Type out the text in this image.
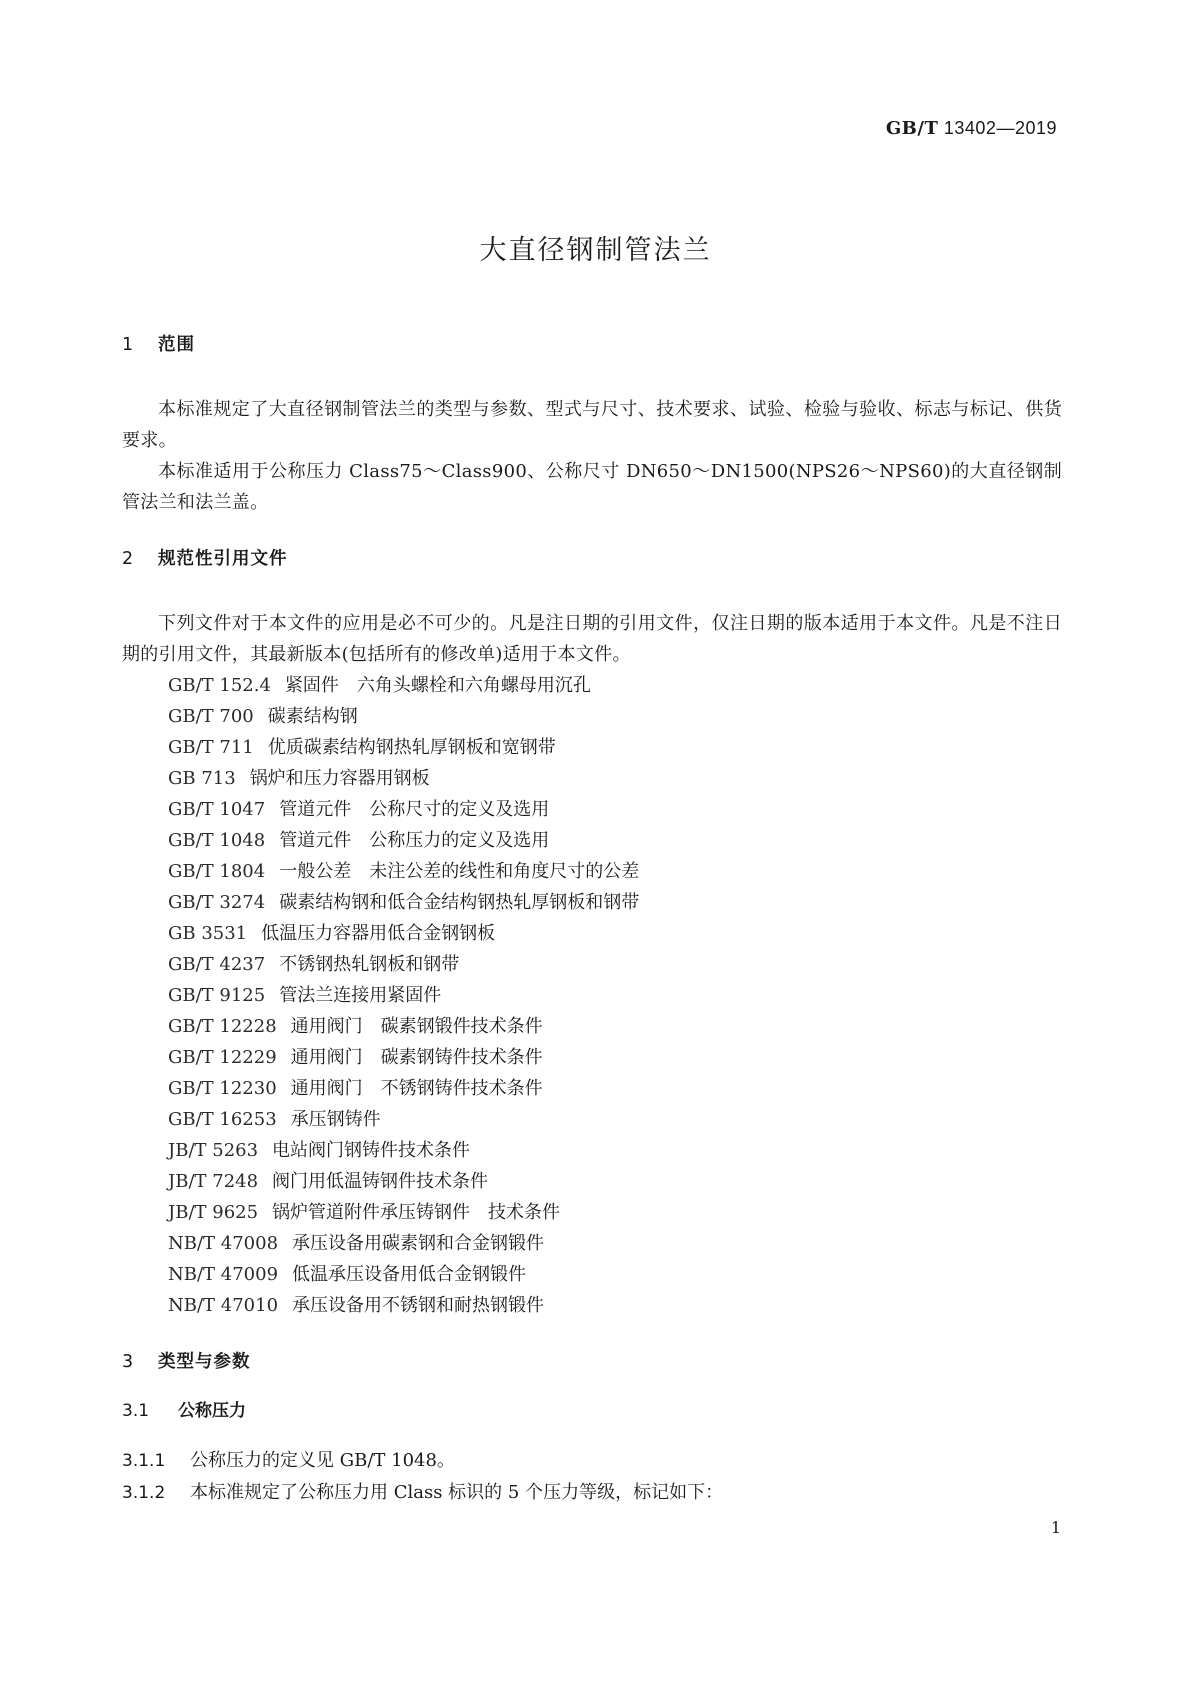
GB/T 13402—2019
大直径钢制管法兰
1 范围

本标准规定了大直径钢制管法兰的类型与参数、型式与尺寸、技术要求、试验、检验与验收、标志与标记、供货要求。

本标准适用于公称压力 Class75～Class900、公称尺寸 DN650～DN1500(NPS26～NPS60)的大直径钢制管法兰和法兰盖。

2 规范性引用文件

下列文件对于本文件的应用是必不可少的。凡是注日期的引用文件，仅注日期的版本适用于本文件。凡是不注日期的引用文件，其最新版本(包括所有的修改单)适用于本文件。

GB/T 152.4 紧固件　六角头螺栓和六角螺母用沉孔
GB/T 700 碳素结构钢
GB/T 711 优质碳素结构钢热轧厚钢板和宽钢带
GB 713 锅炉和压力容器用钢板
GB/T 1047 管道元件　公称尺寸的定义及选用
GB/T 1048 管道元件　公称压力的定义及选用
GB/T 1804 一般公差　未注公差的线性和角度尺寸的公差
GB/T 3274 碳素结构钢和低合金结构钢热轧厚钢板和钢带
GB 3531 低温压力容器用低合金钢钢板
GB/T 4237 不锈钢热轧钢板和钢带
GB/T 9125 管法兰连接用紧固件
GB/T 12228 通用阀门　碳素钢锻件技术条件
GB/T 12229 通用阀门　碳素钢铸件技术条件
GB/T 12230 通用阀门　不锈钢铸件技术条件
GB/T 16253 承压钢铸件
JB/T 5263 电站阀门钢铸件技术条件
JB/T 7248 阀门用低温铸钢件技术条件
JB/T 9625 锅炉管道附件承压铸钢件　技术条件
NB/T 47008 承压设备用碳素钢和合金钢锻件
NB/T 47009 低温承压设备用低合金钢锻件
NB/T 47010 承压设备用不锈钢和耐热钢锻件
3 类型与参数
3.1 公称压力
3.1.1 公称压力的定义见 GB/T 1048。
3.1.2 本标准规定了公称压力用 Class 标识的 5 个压力等级，标记如下：
1
